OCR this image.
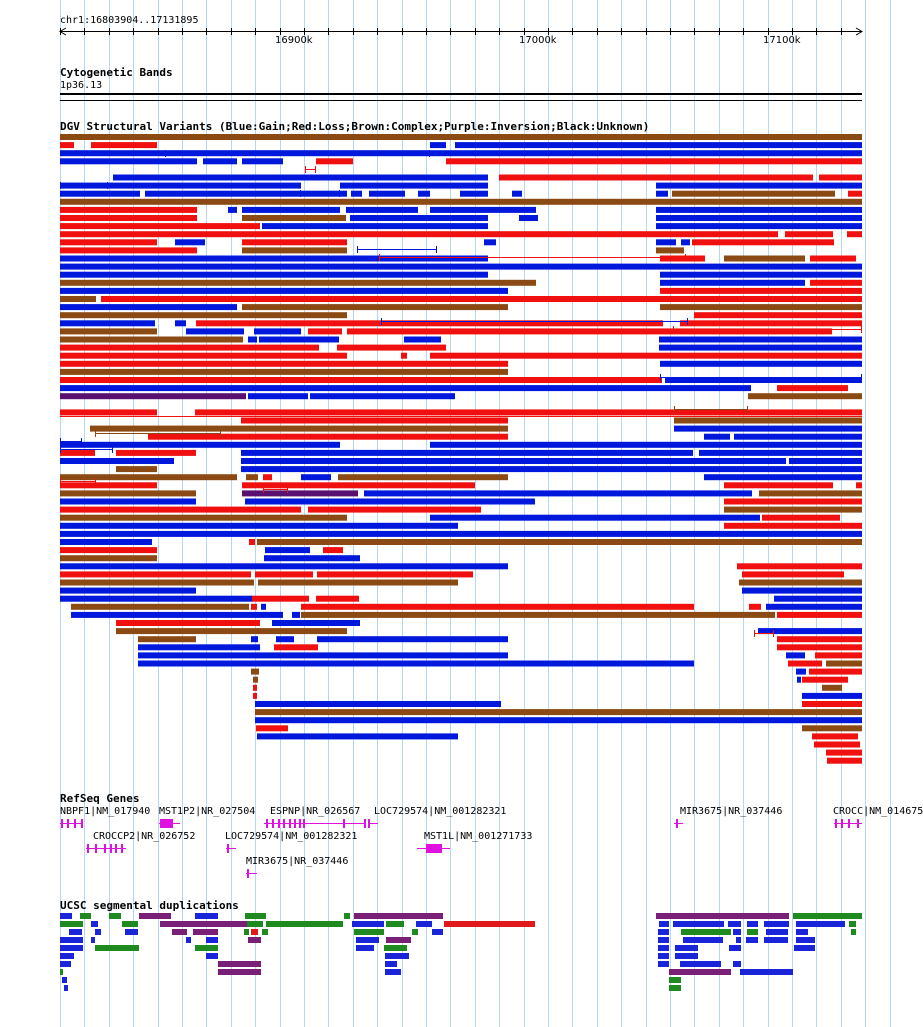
chr1:16803904..17131895
16900k	17000k	17100k
Cytogenetic Bands
1p36.13
DGV Structural Variants (Blue:Gain;Red:Loss;Brown:Complex;Purple:Inversion;Black:Unknown)
RefSeq Genes
NBPF1|NM_017940 MST1P2|NR_027504 ESPNP|NR_026567 LOC729574|NM_001282321	MIR3675|NR_037446	CROCC|NM_014675
CROCCP2|NR_026752	LOC729574|NM_001282321	MST1L|NM_001271733
MIR3675|NR_037446
UCSC segmental duplications
